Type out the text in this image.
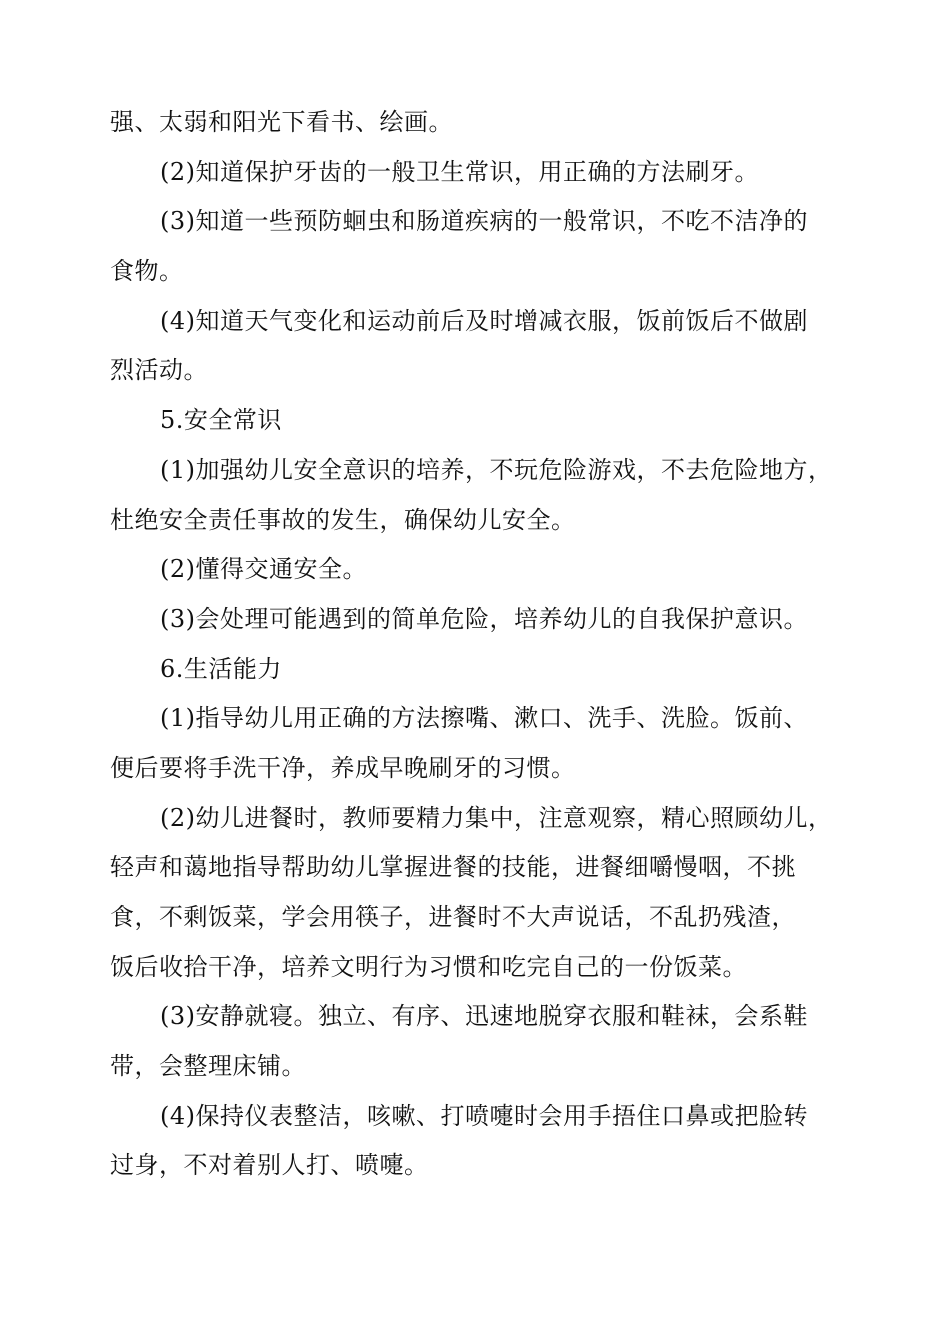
强、太弱和阳光下看书、绘画。
(2)知道保护牙齿的一般卫生常识，用正确的方法刷牙。
(3)知道一些预防蛔虫和肠道疾病的一般常识，不吃不洁净的
食物。
(4)知道天气变化和运动前后及时增减衣服，饭前饭后不做剧
烈活动。
5.安全常识
(1)加强幼儿安全意识的培养，不玩危险游戏，不去危险地方，
杜绝安全责任事故的发生，确保幼儿安全。
(2)懂得交通安全。
(3)会处理可能遇到的简单危险，培养幼儿的自我保护意识。
6.生活能力
(1)指导幼儿用正确的方法擦嘴、漱口、洗手、洗脸。饭前、
便后要将手洗干净，养成早晚刷牙的习惯。
(2)幼儿进餐时，教师要精力集中，注意观察，精心照顾幼儿，
轻声和蔼地指导帮助幼儿掌握进餐的技能，进餐细嚼慢咽，不挑
食，不剩饭菜，学会用筷子，进餐时不大声说话，不乱扔残渣，
饭后收拾干净，培养文明行为习惯和吃完自己的一份饭菜。
(3)安静就寝。独立、有序、迅速地脱穿衣服和鞋袜，会系鞋
带，会整理床铺。
(4)保持仪表整洁，咳嗽、打喷嚏时会用手捂住口鼻或把脸转
过身，不对着别人打、喷嚏。
